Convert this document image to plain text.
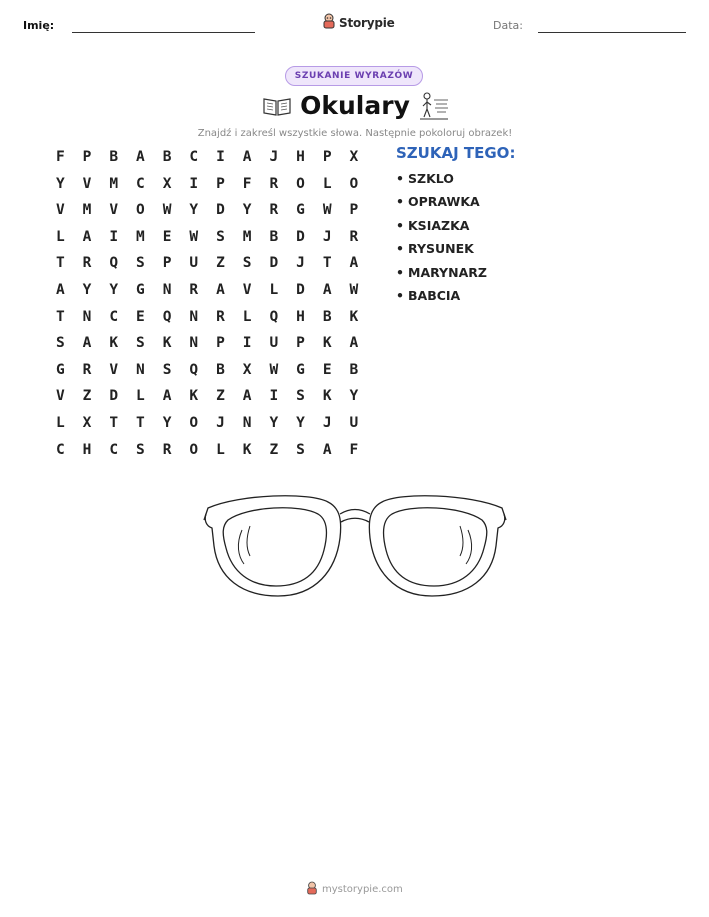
Imię:	Storypie	Data:
SZUKANIE WYRAZÓW
Okulary
Znajdź i zakreśl wszystkie słowa. Następnie pokoloruj obrazek!
F	P	B	A	B	C	I	A	J	H	P	X
Y	V	M	C	X	I	P	F	R	O	L	O
V	M	V	O	W	Y	D	Y	R	G	W	P
L	A	I	M	E	W	S	M	B	D	J	R
T	R	Q	S	P	U	Z	S	D	J	T	A
A	Y	Y	G	N	R	A	V	L	D	A	W
T	N	C	E	Q	N	R	L	Q	H	B	K
S	A	K	S	K	N	P	I	U	P	K	A
G	R	V	N	S	Q	B	X	W	G	E	B
V	Z	D	L	A	K	Z	A	I	S	K	Y
L	X	T	T	Y	O	J	N	Y	Y	J	U
C	H	C	S	R	O	L	K	Z	S	A	F
SZUKAJ TEGO:
• SZKLO
• OPRAWKA
• KSIAZKA
• RYSUNEK
• MARYNARZ
• BABCIA
mystorypie.com
